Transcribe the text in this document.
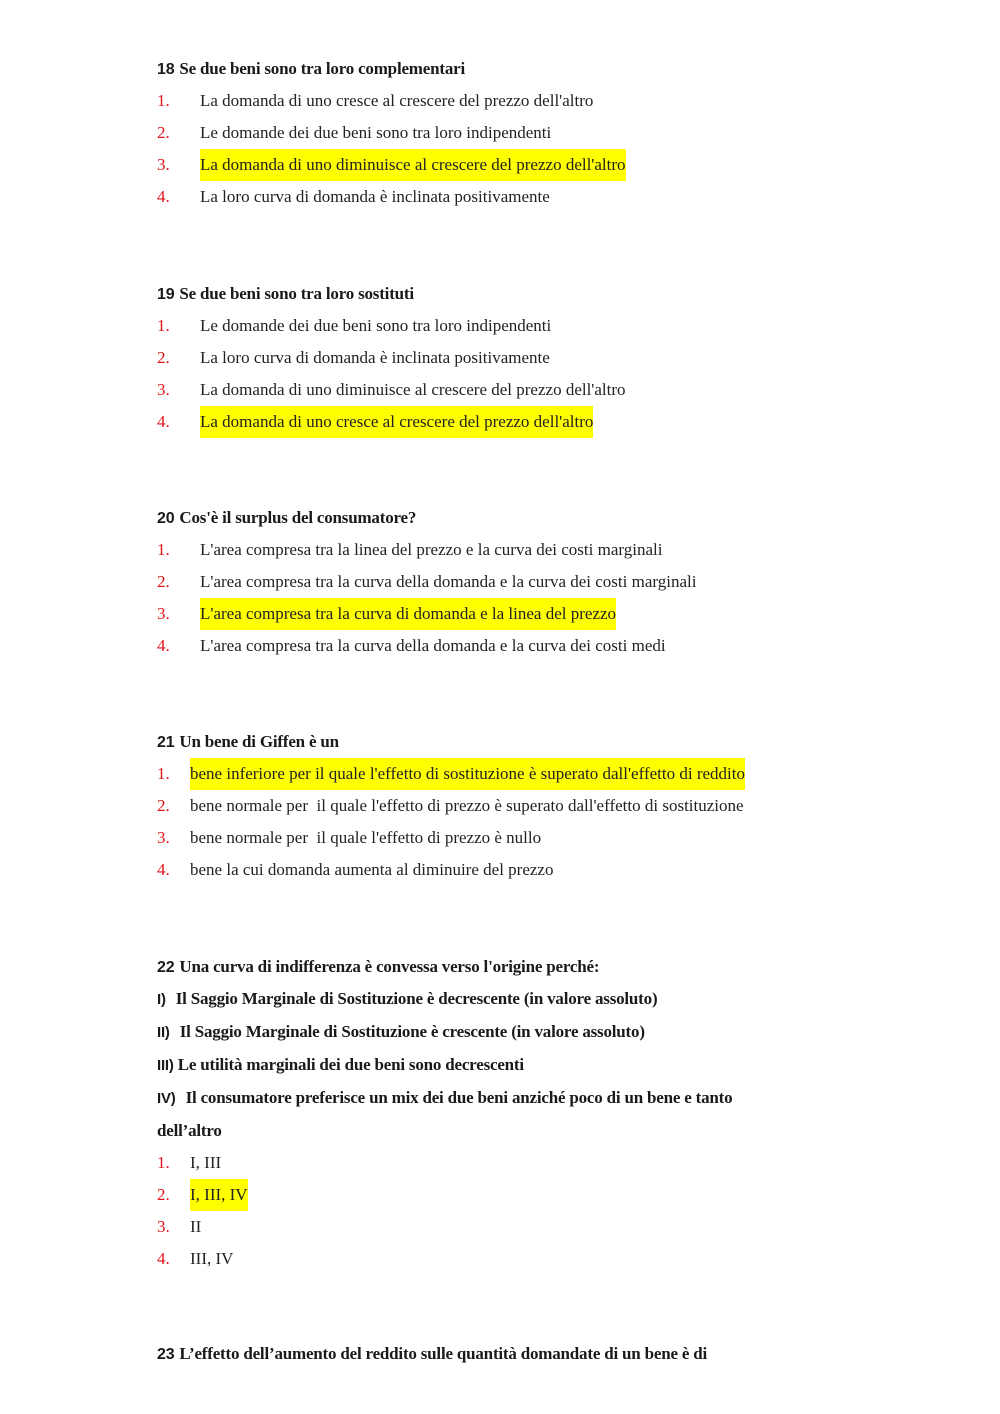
18 Se due beni sono tra loro complementari
1.	La domanda di uno cresce al crescere del prezzo dell'altro
2.	Le domande dei due beni sono tra loro indipendenti
3.	La domanda di uno diminuisce al crescere del prezzo dell'altro
4.	La loro curva di domanda è inclinata positivamente
19 Se due beni sono tra loro sostituti
1.	Le domande dei due beni sono tra loro indipendenti
2.	La loro curva di domanda è inclinata positivamente
3.	La domanda di uno diminuisce al crescere del prezzo dell'altro
4.	La domanda di uno cresce al crescere del prezzo dell'altro
20 Cos'è il surplus del consumatore?
1.	L'area compresa tra la linea del prezzo e la curva dei costi marginali
2.	L'area compresa tra la curva della domanda e la curva dei costi marginali
3.	L'area compresa tra la curva di domanda e la linea del prezzo
4.	L'area compresa tra la curva della domanda e la curva dei costi medi
21 Un bene di Giffen è un
1.	bene inferiore per il quale l'effetto di sostituzione è superato dall'effetto di reddito
2.	bene normale per  il quale l'effetto di prezzo è superato dall'effetto di sostituzione
3.	bene normale per  il quale l'effetto di prezzo è nullo
4.	bene la cui domanda aumenta al diminuire del prezzo
22 Una curva di indifferenza è convessa verso l'origine perché:
I) Il Saggio Marginale di Sostituzione è decrescente (in valore assoluto)
II) Il Saggio Marginale di Sostituzione è crescente (in valore assoluto)
III) Le utilità marginali dei due beni sono decrescenti
IV) Il consumatore preferisce un mix dei due beni anziché poco di un bene e tanto dell’altro
1.	I, III
2.	I, III, IV
3.	II
4.	III, IV
23 L’effetto dell’aumento del reddito sulle quantità domandate di un bene è di
